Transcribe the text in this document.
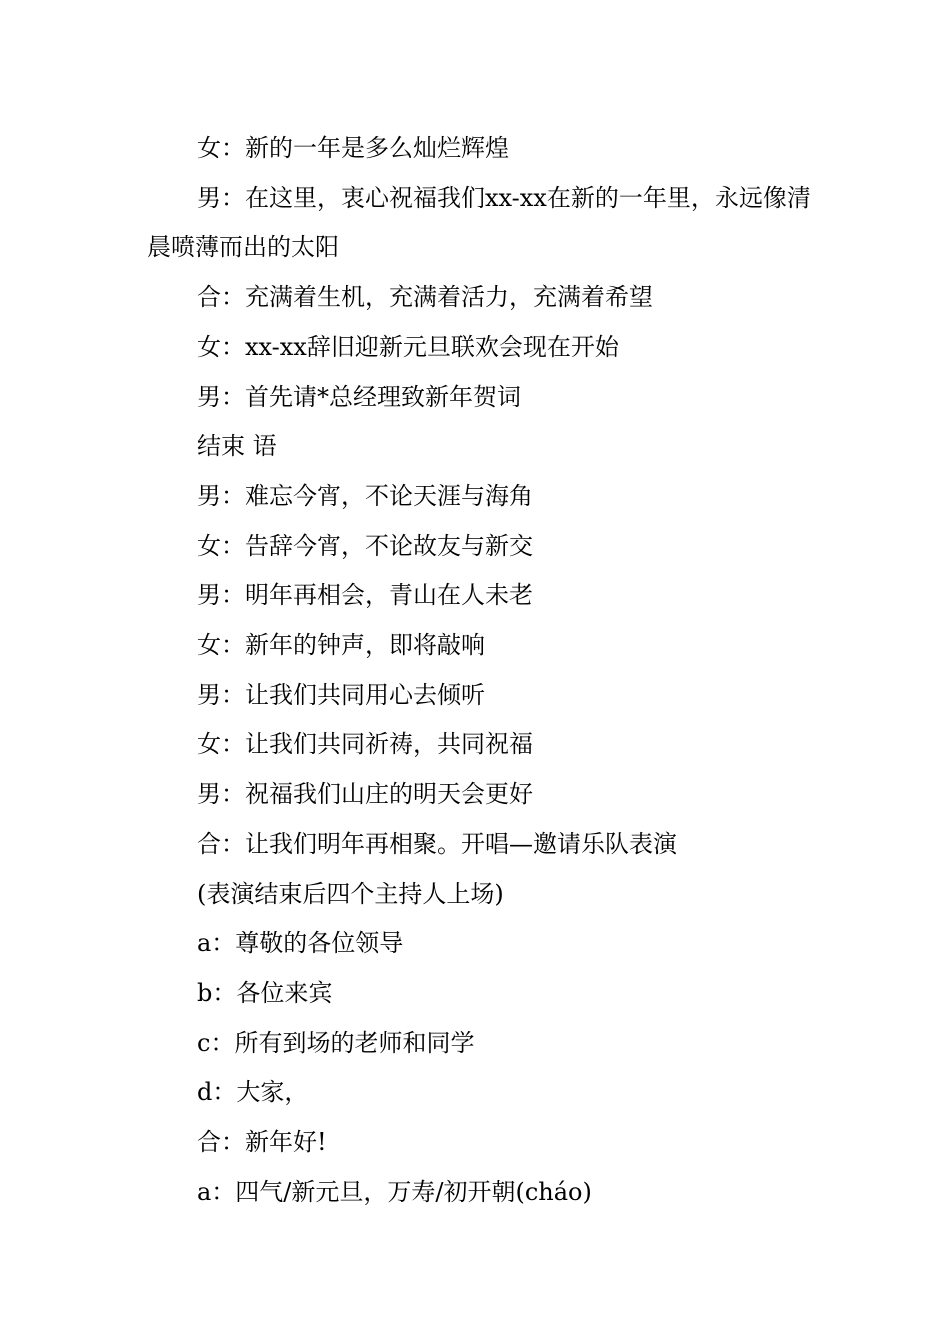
女：新的一年是多么灿烂辉煌
男：在这里，衷心祝福我们xx-xx在新的一年里，永远像清晨喷薄而出的太阳
合：充满着生机，充满着活力，充满着希望
女：xx-xx辞旧迎新元旦联欢会现在开始
男：首先请*总经理致新年贺词
结束 语
男：难忘今宵，不论天涯与海角
女：告辞今宵，不论故友与新交
男：明年再相会，青山在人未老
女：新年的钟声，即将敲响
男：让我们共同用心去倾听
女：让我们共同祈祷，共同祝福
男：祝福我们山庄的明天会更好
合：让我们明年再相聚。开唱—邀请乐队表演
(表演结束后四个主持人上场)
a：尊敬的各位领导
b：各位来宾
c：所有到场的老师和同学
d：大家，
合：新年好!
a：四气/新元旦，万寿/初开朝(cháo)
